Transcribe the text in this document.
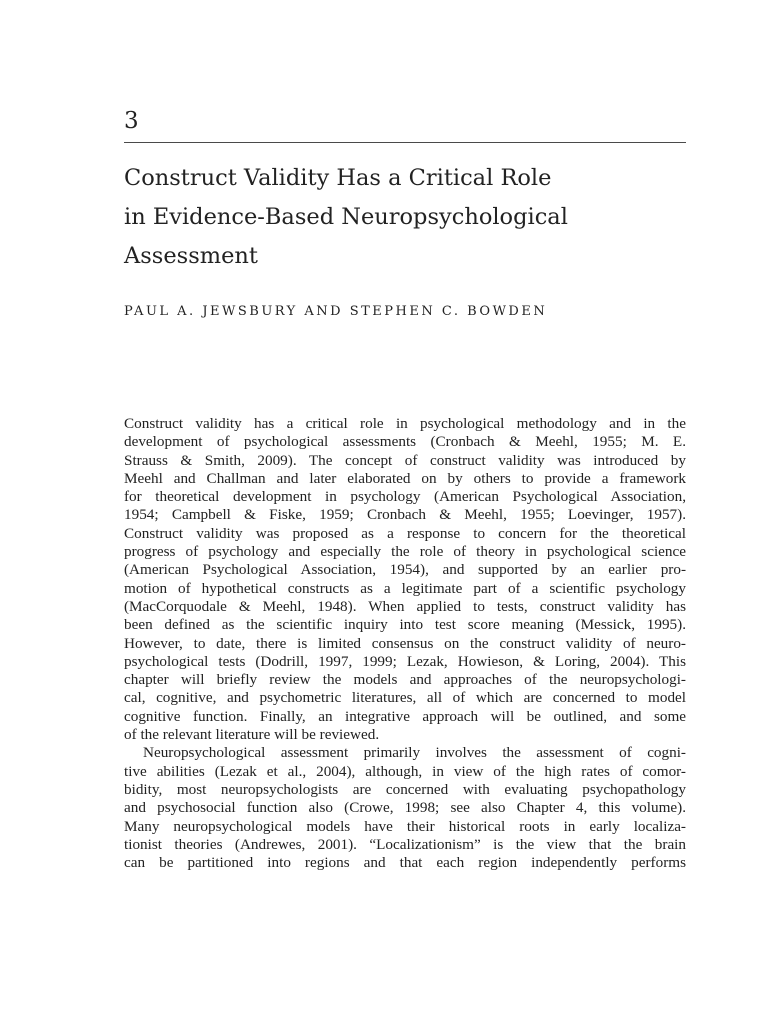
3
Construct Validity Has a Critical Role
in Evidence-Based Neuropsychological
Assessment
PAUL A. JEWSBURY AND STEPHEN C. BOWDEN
Construct validity has a critical role in psychological methodology and in the
development of psychological assessments (Cronbach & Meehl, 1955; M. E.
Strauss & Smith, 2009). The concept of construct validity was introduced by
Meehl and Challman and later elaborated on by others to provide a framework
for theoretical development in psychology (American Psychological Association,
1954; Campbell & Fiske, 1959; Cronbach & Meehl, 1955; Loevinger, 1957).
Construct validity was proposed as a response to concern for the theoretical
progress of psychology and especially the role of theory in psychological science
(American Psychological Association, 1954), and supported by an earlier pro-
motion of hypothetical constructs as a legitimate part of a scientific psychology
(MacCorquodale & Meehl, 1948). When applied to tests, construct validity has
been defined as the scientific inquiry into test score meaning (Messick, 1995).
However, to date, there is limited consensus on the construct validity of neuro-
psychological tests (Dodrill, 1997, 1999; Lezak, Howieson, & Loring, 2004). This
chapter will briefly review the models and approaches of the neuropsychologi-
cal, cognitive, and psychometric literatures, all of which are concerned to model
cognitive function. Finally, an integrative approach will be outlined, and some
of the relevant literature will be reviewed.
Neuropsychological assessment primarily involves the assessment of cogni-
tive abilities (Lezak et al., 2004), although, in view of the high rates of comor-
bidity, most neuropsychologists are concerned with evaluating psychopathology
and psychosocial function also (Crowe, 1998; see also Chapter 4, this volume).
Many neuropsychological models have their historical roots in early localiza-
tionist theories (Andrewes, 2001). “Localizationism” is the view that the brain
can be partitioned into regions and that each region independently performs
